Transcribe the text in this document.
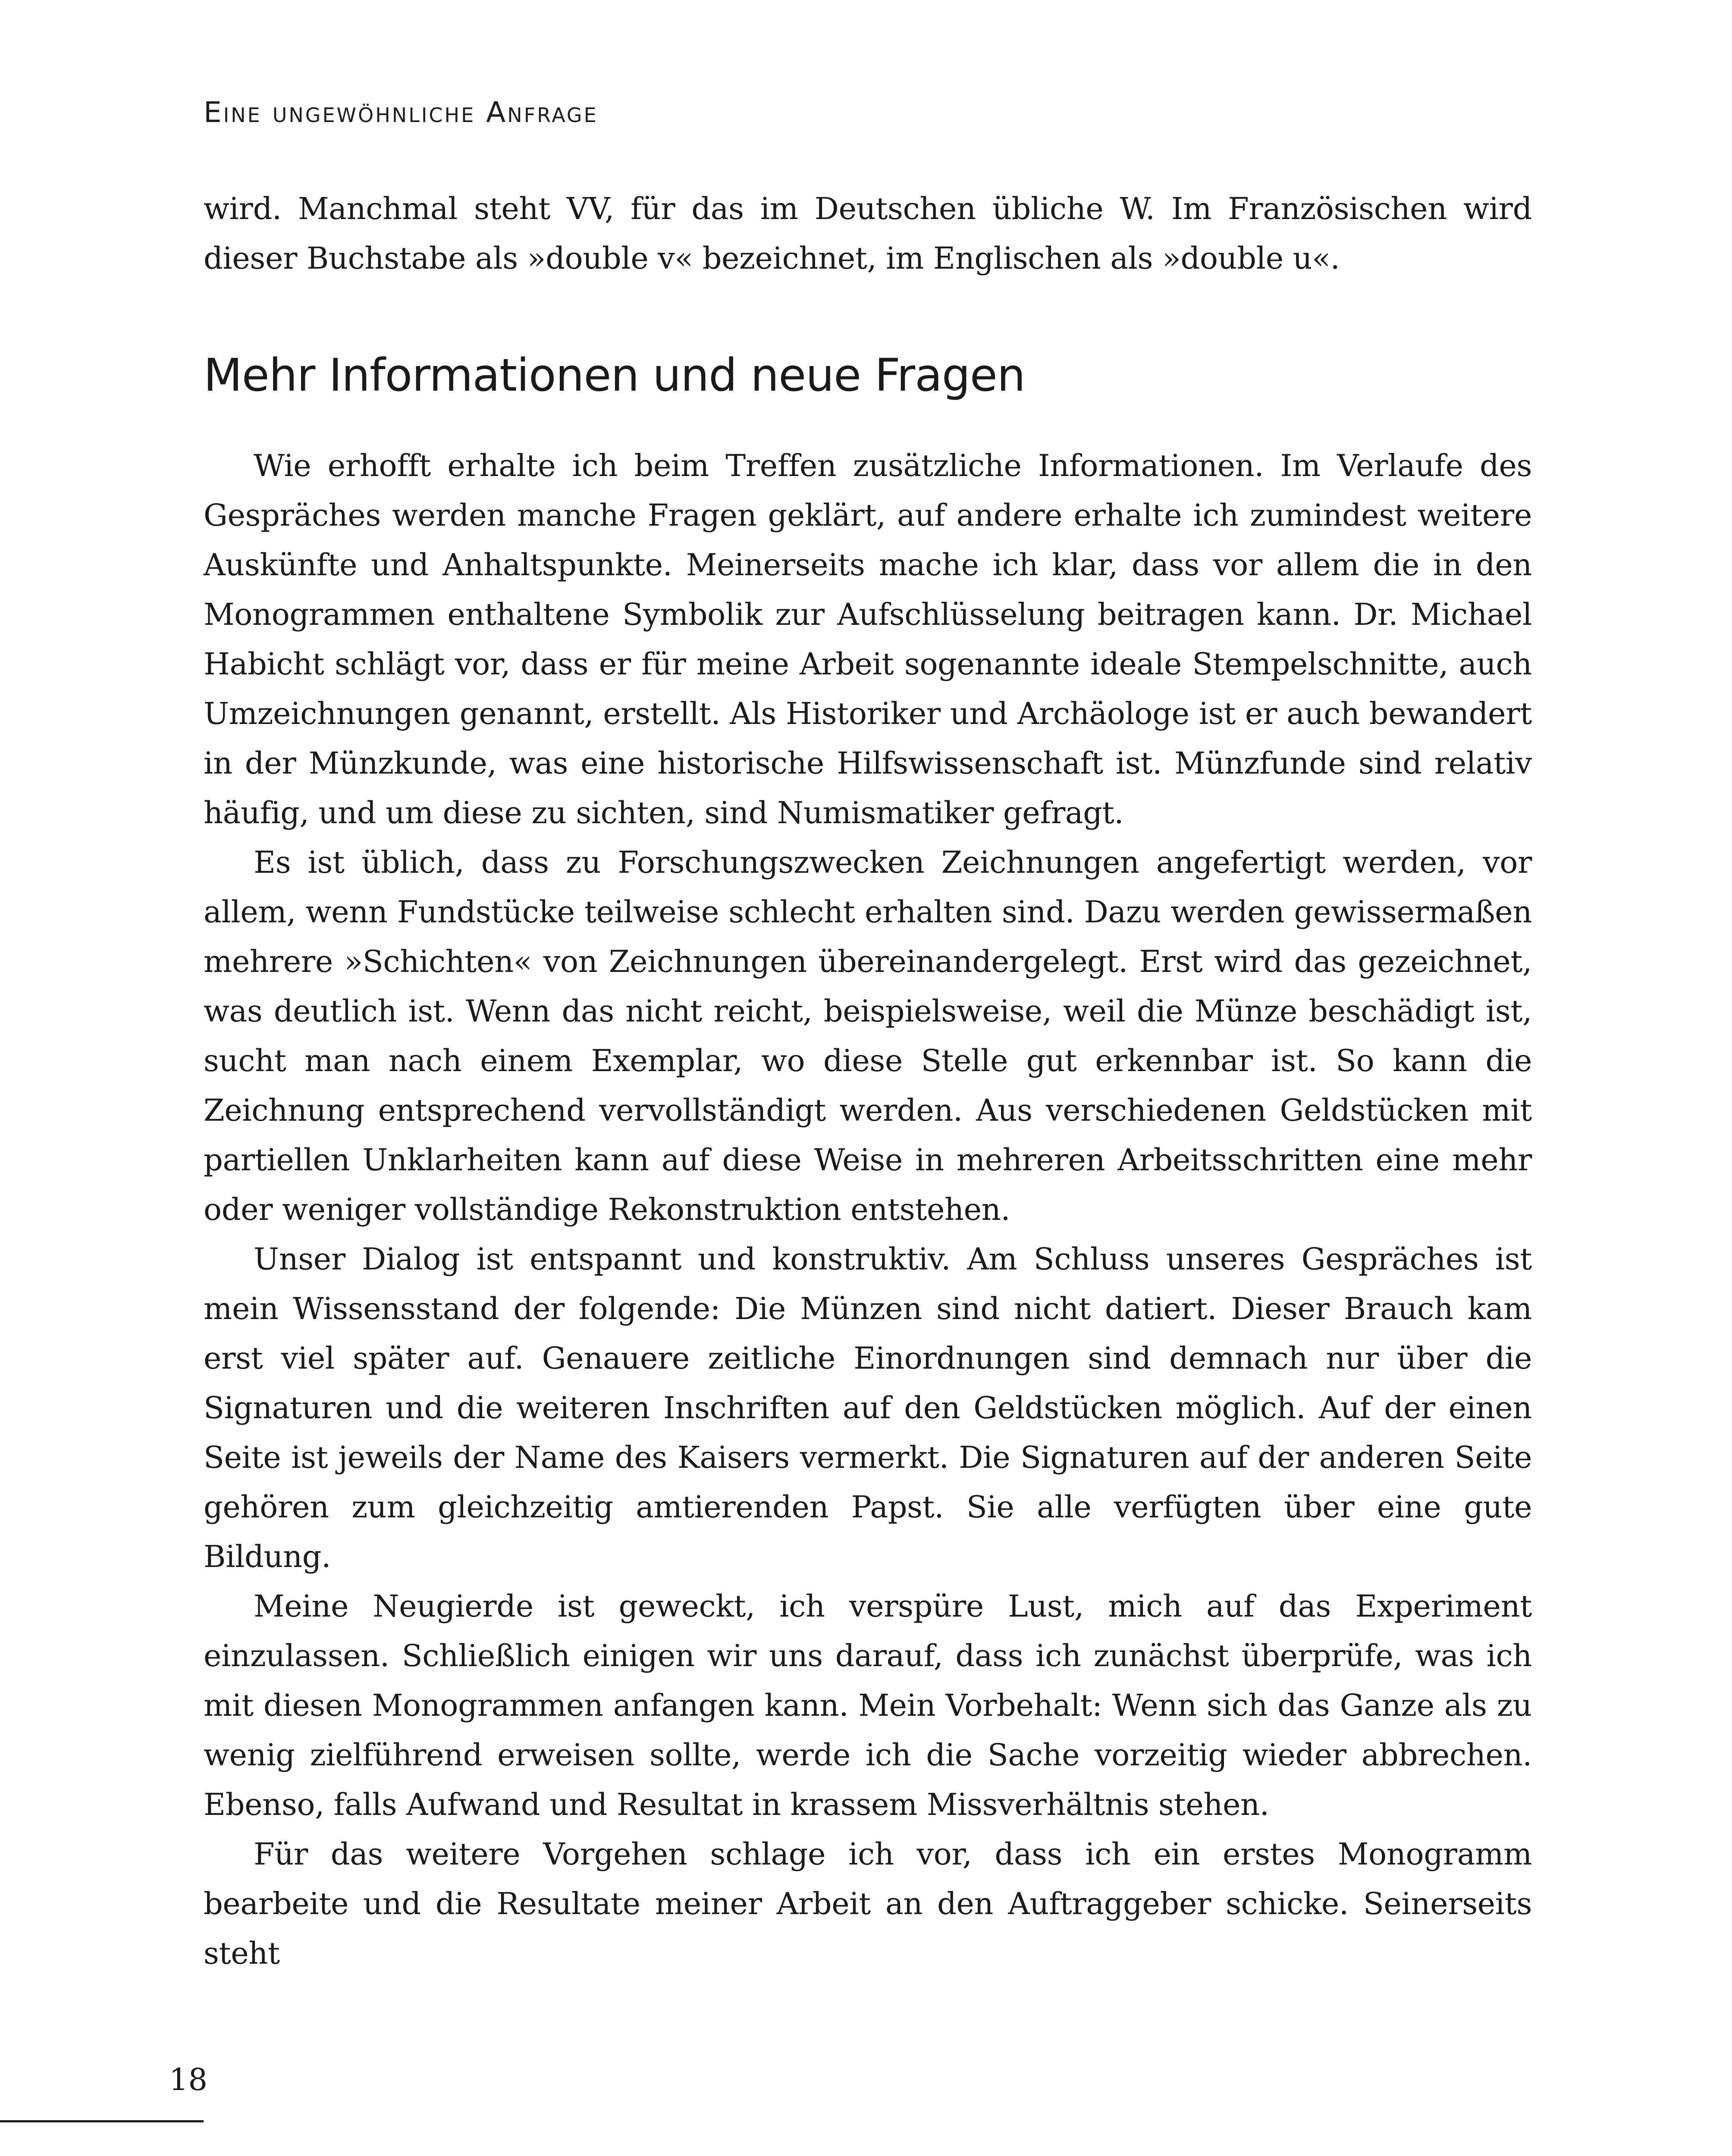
Eine ungewöhnliche Anfrage

wird. Manchmal steht VV, für das im Deutschen übliche W. Im Französischen wird dieser Buchstabe als »double v« bezeichnet, im Englischen als »double u«.

Mehr Informationen und neue Fragen

Wie erhofft erhalte ich beim Treffen zusätzliche Informationen. Im Verlaufe des Gespräches werden manche Fragen geklärt, auf andere erhalte ich zumindest weitere Auskünfte und Anhaltspunkte. Meinerseits mache ich klar, dass vor allem die in den Monogrammen enthaltene Symbolik zur Aufschlüsselung beitragen kann. Dr. Michael Habicht schlägt vor, dass er für meine Arbeit sogenannte ideale Stempelschnitte, auch Umzeichnungen genannt, erstellt. Als Historiker und Archäologe ist er auch bewandert in der Münzkunde, was eine historische Hilfswissenschaft ist. Münzfunde sind relativ häufig, und um diese zu sichten, sind Numismatiker gefragt.

Es ist üblich, dass zu Forschungszwecken Zeichnungen angefertigt werden, vor allem, wenn Fundstücke teilweise schlecht erhalten sind. Dazu werden gewissermaßen mehrere »Schichten« von Zeichnungen übereinandergelegt. Erst wird das gezeichnet, was deutlich ist. Wenn das nicht reicht, beispielsweise, weil die Münze beschädigt ist, sucht man nach einem Exemplar, wo diese Stelle gut erkennbar ist. So kann die Zeichnung entsprechend vervollständigt werden. Aus verschiedenen Geldstücken mit partiellen Unklarheiten kann auf diese Weise in mehreren Arbeitsschritten eine mehr oder weniger vollständige Rekonstruktion entstehen.

Unser Dialog ist entspannt und konstruktiv. Am Schluss unseres Gespräches ist mein Wissensstand der folgende: Die Münzen sind nicht datiert. Dieser Brauch kam erst viel später auf. Genauere zeitliche Einordnungen sind demnach nur über die Signaturen und die weiteren Inschriften auf den Geldstücken möglich. Auf der einen Seite ist jeweils der Name des Kaisers vermerkt. Die Signaturen auf der anderen Seite gehören zum gleichzeitig amtierenden Papst. Sie alle verfügten über eine gute Bildung.

Meine Neugierde ist geweckt, ich verspüre Lust, mich auf das Experiment einzulassen. Schließlich einigen wir uns darauf, dass ich zunächst überprüfe, was ich mit diesen Monogrammen anfangen kann. Mein Vorbehalt: Wenn sich das Ganze als zu wenig zielführend erweisen sollte, werde ich die Sache vorzeitig wieder abbrechen. Ebenso, falls Aufwand und Resultat in krassem Missverhältnis stehen.

Für das weitere Vorgehen schlage ich vor, dass ich ein erstes Monogramm bearbeite und die Resultate meiner Arbeit an den Auftraggeber schicke. Seinerseits steht

18
